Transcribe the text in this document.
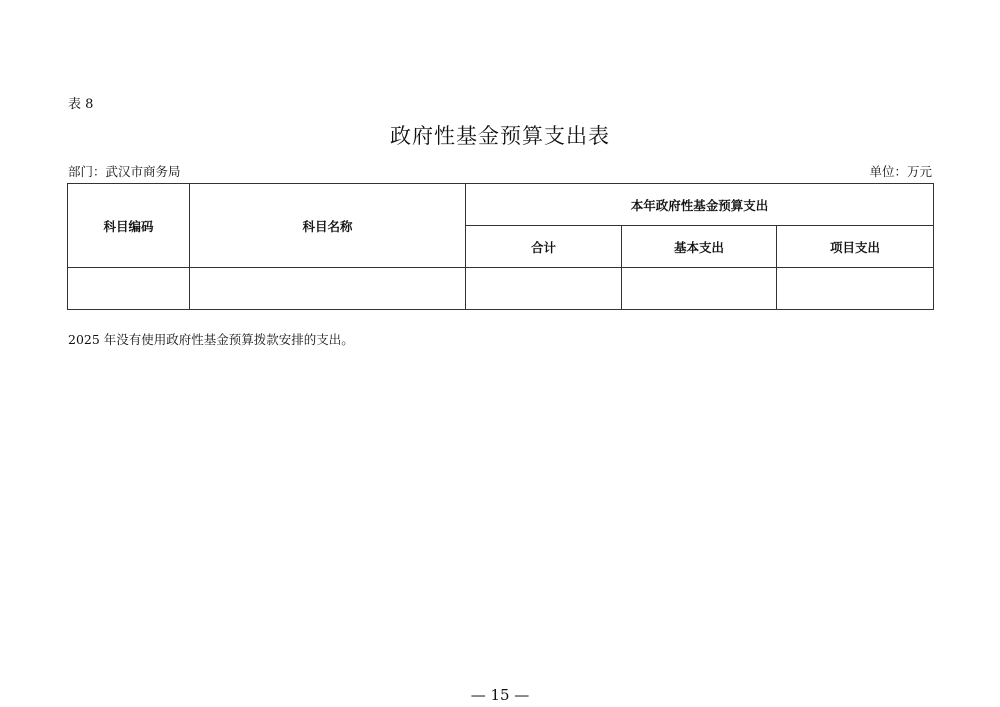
表 8
政府性基金预算支出表
部门：武汉市商务局	单位：万元
科目编码	科目名称	本年政府性基金预算支出		
		合计	基本支出	项目支出

2025 年没有使用政府性基金预算拨款安排的支出。
— 15 —
